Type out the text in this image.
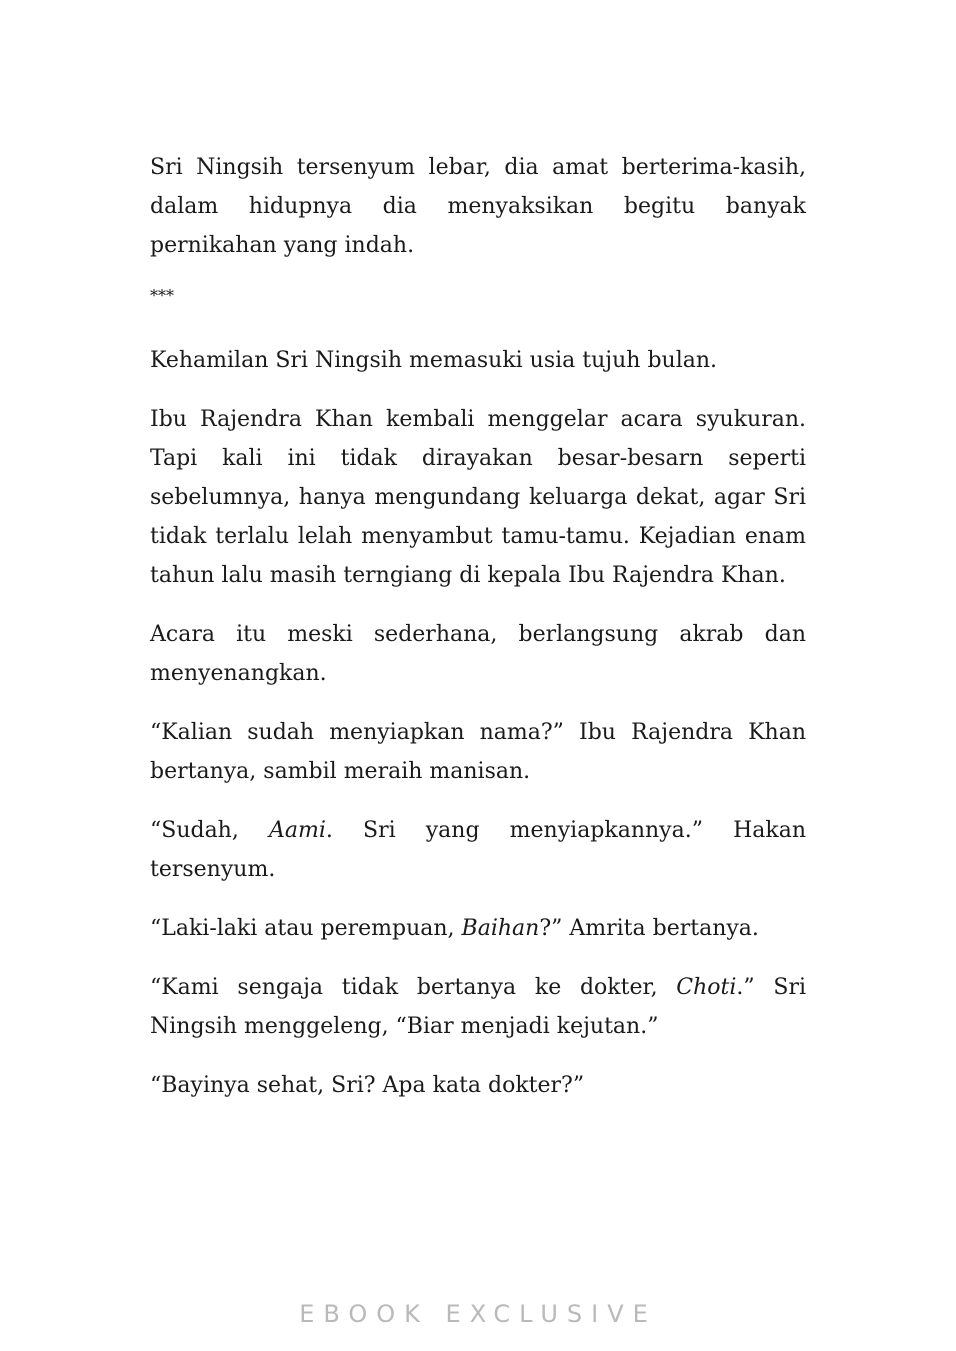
Sri Ningsih tersenyum lebar, dia amat berterima-kasih, dalam hidupnya dia menyaksikan begitu banyak pernikahan yang indah.

***

Kehamilan Sri Ningsih memasuki usia tujuh bulan.

Ibu Rajendra Khan kembali menggelar acara syukuran. Tapi kali ini tidak dirayakan besar-besarn seperti sebelumnya, hanya mengundang keluarga dekat, agar Sri tidak terlalu lelah menyambut tamu-tamu. Kejadian enam tahun lalu masih terngiang di kepala Ibu Rajendra Khan.

Acara itu meski sederhana, berlangsung akrab dan menyenangkan.

“Kalian sudah menyiapkan nama?” Ibu Rajendra Khan bertanya, sambil meraih manisan.

“Sudah, Aami. Sri yang menyiapkannya.” Hakan tersenyum.

“Laki-laki atau perempuan, Baihan?” Amrita bertanya.

“Kami sengaja tidak bertanya ke dokter, Choti.” Sri Ningsih menggeleng, “Biar menjadi kejutan.”

“Bayinya sehat, Sri? Apa kata dokter?”

EBOOK EXCLUSIVE
